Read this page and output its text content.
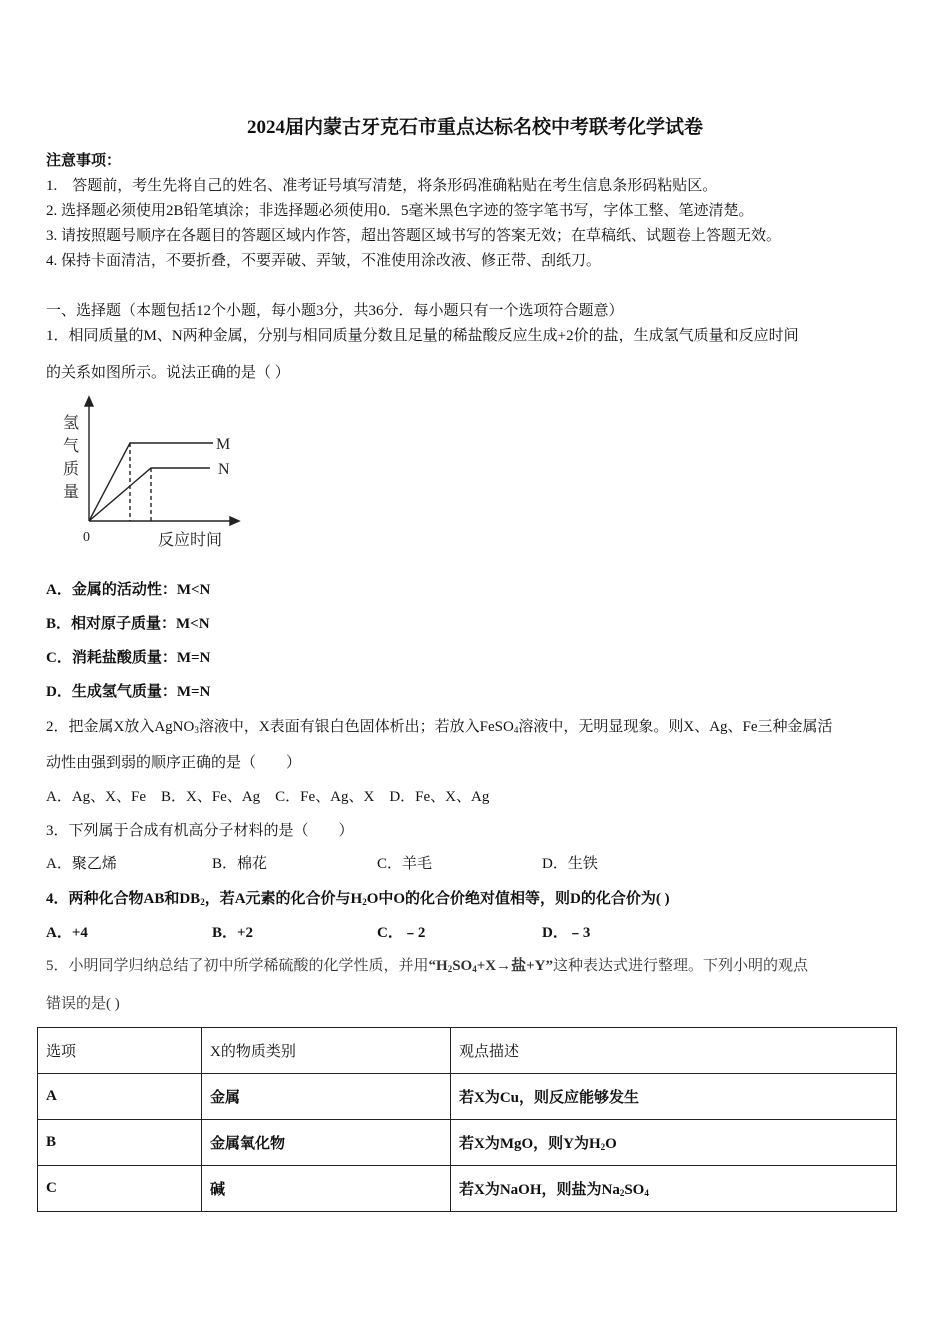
2024届内蒙古牙克石市重点达标名校中考联考化学试卷
注意事项：
1.　答题前，考生先将自己的姓名、准考证号填写清楚，将条形码准确粘贴在考生信息条形码粘贴区。
2. 选择题必须使用2B铅笔填涂；非选择题必须使用0．5毫米黑色字迹的签字笔书写，字体工整、笔迹清楚。
3. 请按照题号顺序在各题目的答题区域内作答，超出答题区域书写的答案无效；在草稿纸、试题卷上答题无效。
4. 保持卡面清洁，不要折叠，不要弄破、弄皱，不准使用涂改液、修正带、刮纸刀。
一、选择题（本题包括12个小题，每小题3分，共36分．每小题只有一个选项符合题意）
1．相同质量的M、N两种金属，分别与相同质量分数且足量的稀盐酸反应生成+2价的盐，生成氢气质量和反应时间
的关系如图所示。说法正确的是（ ）
氢
气
质
量
M
N
0	反应时间
A．金属的活动性：M<N
B．相对原子质量：M<N
C．消耗盐酸质量：M=N
D．生成氢气质量：M=N
2．把金属X放入AgNO$_3$溶液中，X表面有银白色固体析出；若放入FeSO$_4$溶液中，无明显现象。则X、Ag、Fe三种金属活
动性由强到弱的顺序正确的是（　　）
A．Ag、X、Fe　B．X、Fe、Ag　C．Fe、Ag、X　D．Fe、X、Ag
3．下列属于合成有机高分子材料的是（　　）
A．聚乙烯	B．棉花	C．羊毛	D．生铁
4．两种化合物AB和$DB_2$，若A元素的化合价与$H_2O$中O的化合价绝对值相等，则D的化合价为( )
A．+4	B．+2	C．﹣2	D．﹣3
5．小明同学归纳总结了初中所学稀硫酸的化学性质，并用“$H_2SO_4+X\to$盐+Y”这种表达式进行整理。下列小明的观点
错误的是( )
选项	X的物质类别	观点描述
A	金属	若X为Cu，则反应能够发生
B	金属氧化物	若X为MgO，则Y为$H_2O$
C	碱	若X为NaOH，则盐为$Na_2SO_4$
